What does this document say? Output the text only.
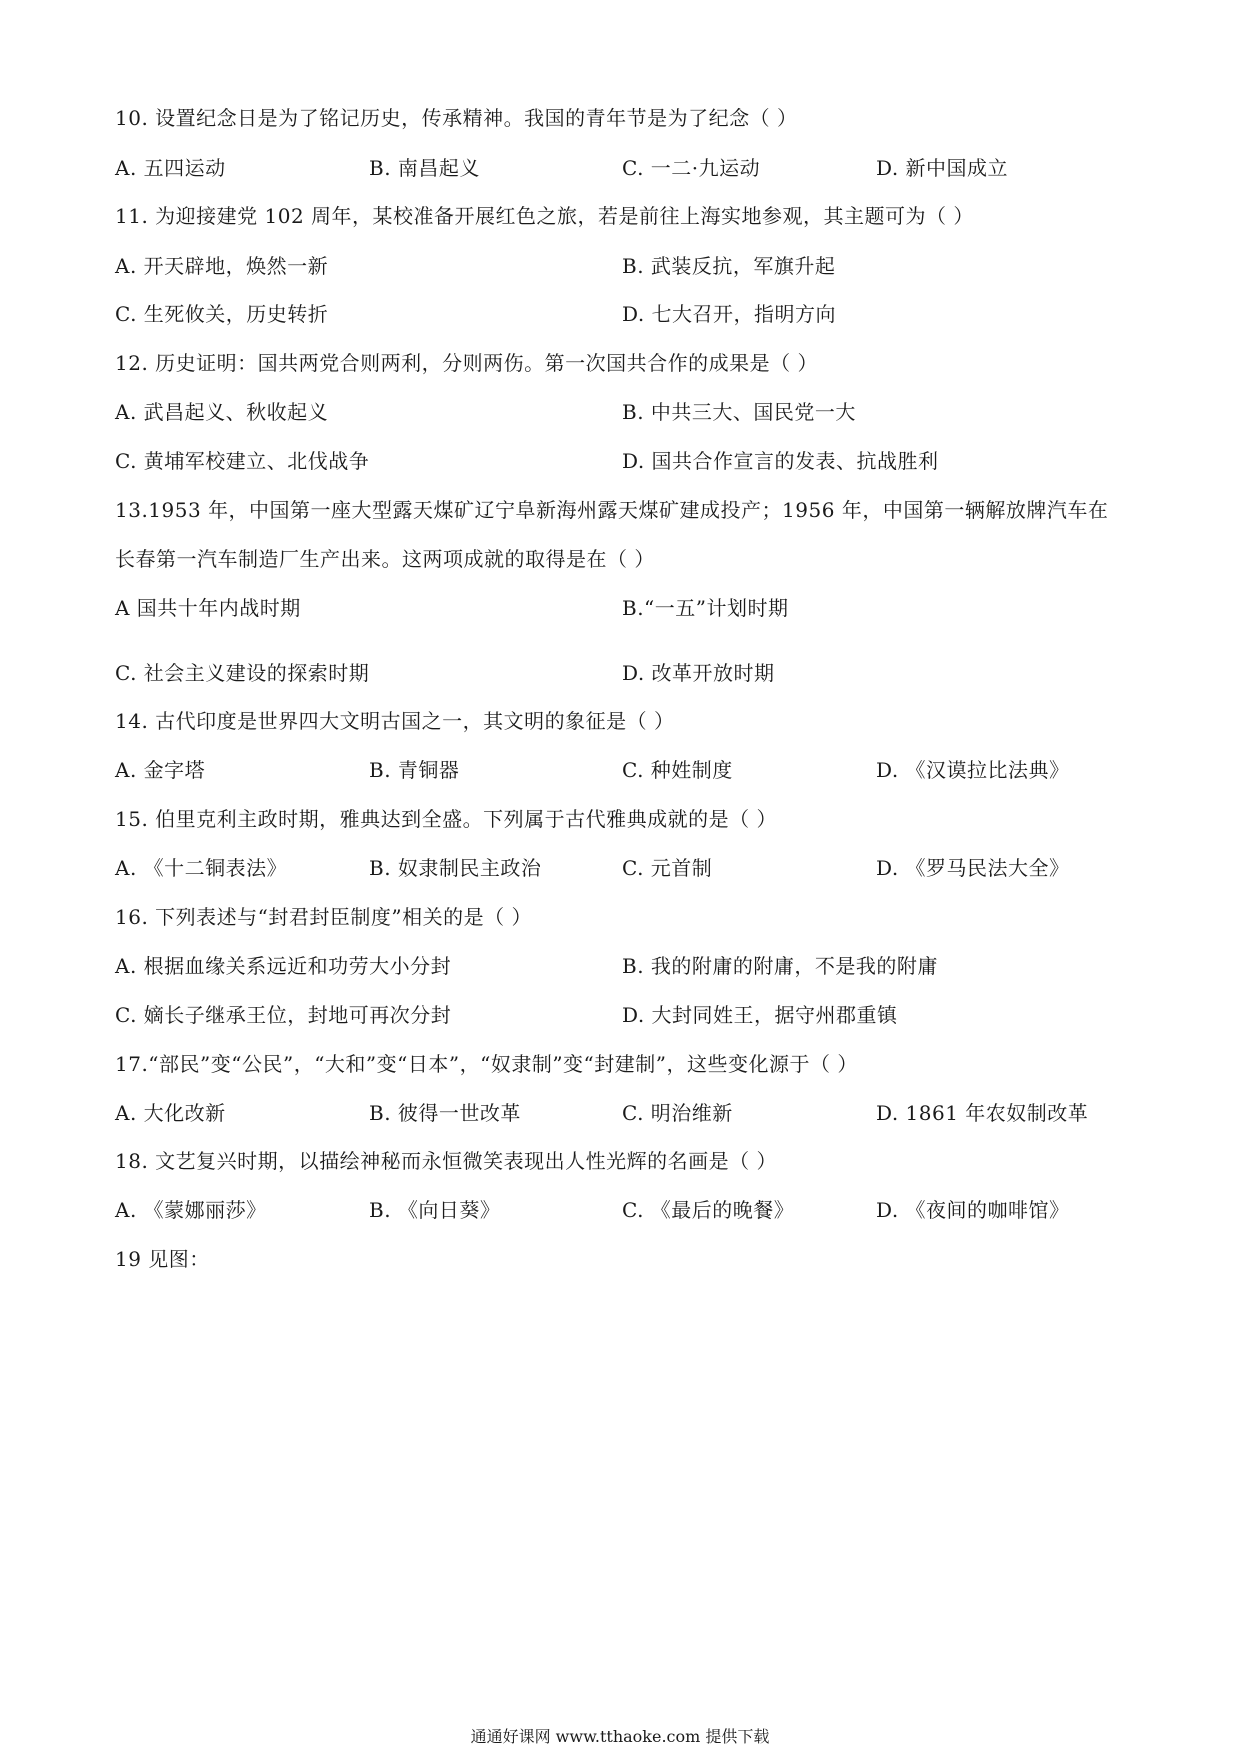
10. 设置纪念日是为了铭记历史，传承精神。我国的青年节是为了纪念（ ）
A. 五四运动	B. 南昌起义	C. 一二·九运动	D. 新中国成立
11. 为迎接建党 102 周年，某校准备开展红色之旅，若是前往上海实地参观，其主题可为（ ）
A. 开天辟地，焕然一新	B. 武装反抗，军旗升起
C. 生死攸关，历史转折	D. 七大召开，指明方向
12. 历史证明：国共两党合则两利，分则两伤。第一次国共合作的成果是（ ）
A. 武昌起义、秋收起义	B. 中共三大、国民党一大
C. 黄埔军校建立、北伐战争	D. 国共合作宣言的发表、抗战胜利
13.1953 年，中国第一座大型露天煤矿辽宁阜新海州露天煤矿建成投产；1956 年，中国第一辆解放牌汽车在
长春第一汽车制造厂生产出来。这两项成就的取得是在（ ）
A 国共十年内战时期	B.“一五”计划时期
C. 社会主义建设的探索时期	D. 改革开放时期
14. 古代印度是世界四大文明古国之一，其文明的象征是（ ）
A. 金字塔	B. 青铜器	C. 种姓制度	D. 《汉谟拉比法典》
15. 伯里克利主政时期，雅典达到全盛。下列属于古代雅典成就的是（ ）
A. 《十二铜表法》	B. 奴隶制民主政治	C. 元首制	D. 《罗马民法大全》
16. 下列表述与“封君封臣制度”相关的是（ ）
A. 根据血缘关系远近和功劳大小分封	B. 我的附庸的附庸，不是我的附庸
C. 嫡长子继承王位，封地可再次分封	D. 大封同姓王，据守州郡重镇
17.“部民”变“公民”，“大和”变“日本”，“奴隶制”变“封建制”，这些变化源于（ ）
A. 大化改新	B. 彼得一世改革	C. 明治维新	D. 1861 年农奴制改革
18. 文艺复兴时期，以描绘神秘而永恒微笑表现出人性光辉的名画是（ ）
A. 《蒙娜丽莎》	B. 《向日葵》	C. 《最后的晚餐》	D. 《夜间的咖啡馆》
19 见图：
通通好课网 www.tthaoke.com 提供下载
